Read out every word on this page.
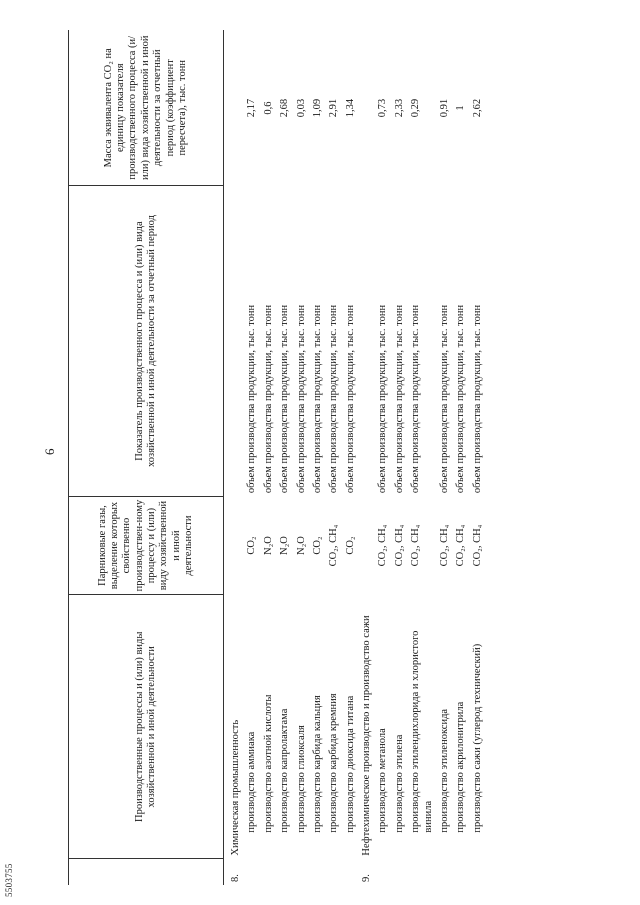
5503755
6
	Производственные процессы и (или) виды хозяйственной и иной деятельности	Парниковые газы, выделение которых свойственно производствен-ному процессу и (или) виду хозяйственной и иной деятельности	Показатель производственного процесса и (или) вида хозяйственной и иной деятельности за отчетный период	Масса эквивалента CO₂ на единицу показателя производственного процесса (и/или) вида хозяйственной и иной деятельности за отчетный период (коэффициент пересчета), тыс. тонн
8.	Химическая промышленность			
	производство аммиака	CO₂	объем производства продукции, тыс. тонн	2,17
	производство азотной кислоты	N₂O	объем производства продукции, тыс. тонн	0,6
	производство капролактама	N₂O	объем производства продукции, тыс. тонн	2,68
	производство глиоксаля	N₂O	объем производства продукции, тыс. тонн	0,03
	производство карбида кальция	CO₂	объем производства продукции, тыс. тонн	1,09
	производство карбида кремния	CO₂, CH₄	объем производства продукции, тыс. тонн	2,91
	производство диоксида титана	CO₂	объем производства продукции, тыс. тонн	1,34
9.	Нефтехимическое производство и производство сажи			
	производство метанола	CO₂, CH₄	объем производства продукции, тыс. тонн	0,73
	производство этилена	CO₂, CH₄	объем производства продукции, тыс. тонн	2,33
	производство этилендихлорида и хлористого винила	CO₂, CH₄	объем производства продукции, тыс. тонн	0,29
	производство этиленоксида	CO₂, CH₄	объем производства продукции, тыс. тонн	0,91
	производство акрилонитрила	CO₂, CH₄	объем производства продукции, тыс. тонн	1
	производство сажи (углерод технический)	CO₂, CH₄	объем производства продукции, тыс. тонн	2,62
